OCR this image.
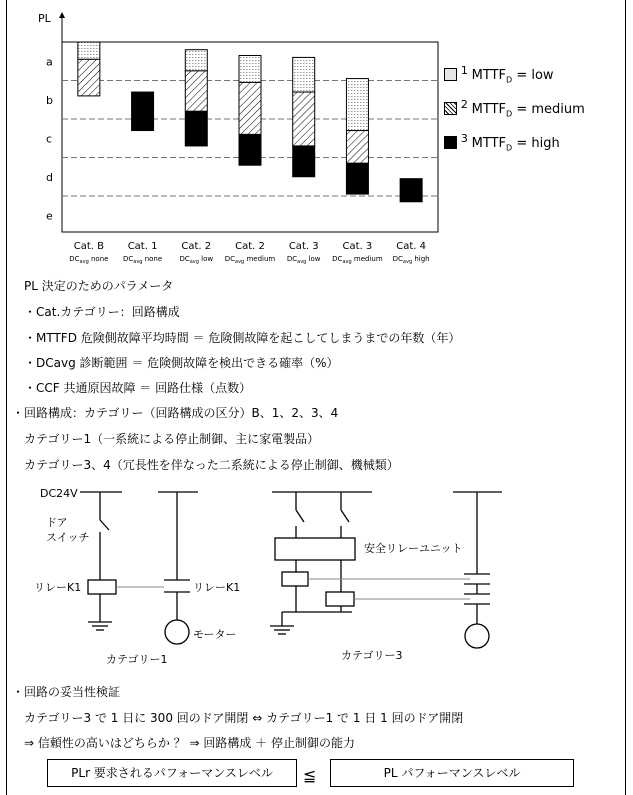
PL
a
b
c
d
e
Cat. B
$DC_{avg}$ none
Cat. 1
$DC_{avg}$ none
Cat. 2
$DC_{avg}$ low
Cat. 2
$DC_{avg}$ medium
Cat. 3
$DC_{avg}$ low
Cat. 3
$DC_{avg}$ medium
Cat. 4
$DC_{avg}$ high
$^1$ $MTTF_D$ = low
$^2$ $MTTF_D$ = medium
$^3$ $MTTF_D$ = high
PL 決定のためのパラメータ
・Cat.カテゴリー：回路構成
・MTTFD 危険側故障平均時間 ＝ 危険側故障を起こしてしまうまでの年数（年）
・DCavg 診断範囲 ＝ 危険側故障を検出できる確率（%）
・CCF 共通原因故障 ＝ 回路仕様（点数）
・回路構成：カテゴリー（回路構成の区分）B、1、2、3、4
カテゴリー1（一系統による停止制御、主に家電製品）
カテゴリー3、4（冗長性を伴なった二系統による停止制御、機械類）
DC24V
ドア
スイッチ
リレーK1	リレーK1
モーター
カテゴリー1
安全リレーユニット
カテゴリー3
・回路の妥当性検証
カテゴリー3 で 1 日に 300 回のドア開閉 ⇔ カテゴリー1 で 1 日 1 回のドア開閉
⇒ 信頼性の高いはどちらか ？ ⇒ 回路構成 ＋ 停止制御の能力
PLr 要求されるパフォーマンスレベル	≦	PL パフォーマンスレベル
